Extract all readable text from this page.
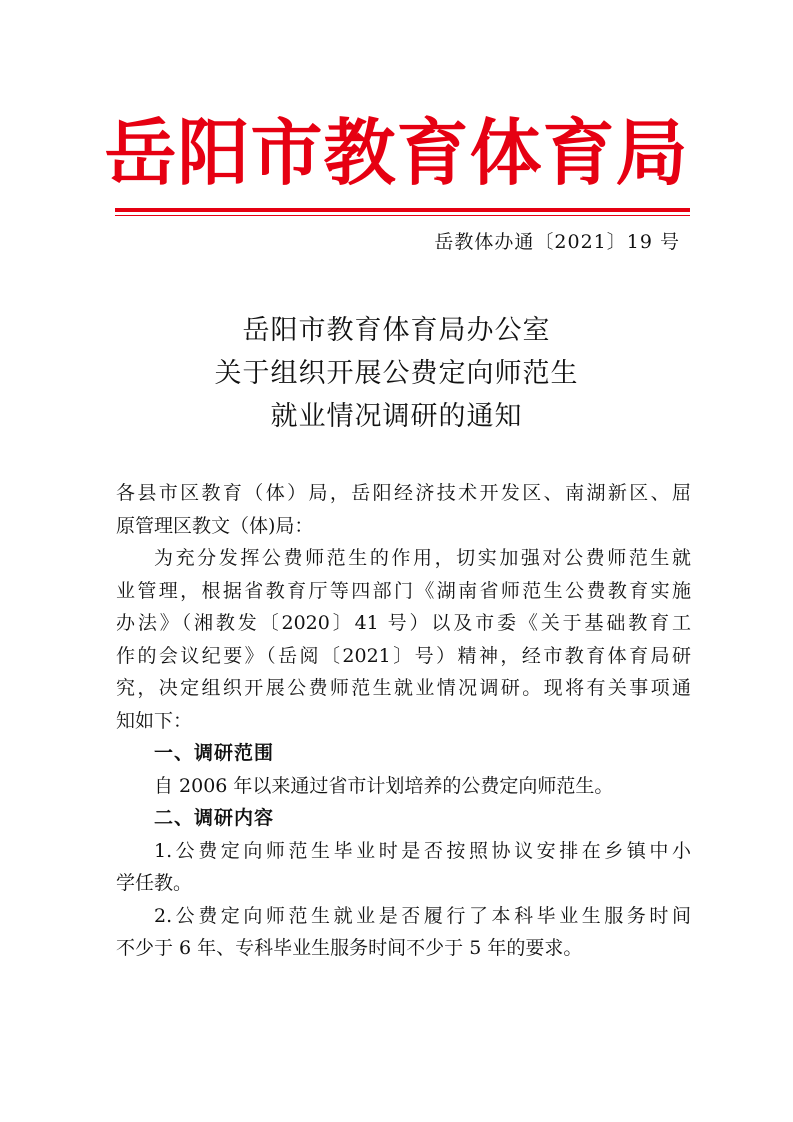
岳阳市教育体育局
岳教体办通〔2021〕19 号
岳阳市教育体育局办公室
关于组织开展公费定向师范生
就业情况调研的通知
各县市区教育（体）局，岳阳经济技术开发区、南湖新区、屈
原管理区教文（体)局：
为充分发挥公费师范生的作用，切实加强对公费师范生就
业管理，根据省教育厅等四部门《湖南省师范生公费教育实施
办法》（湘教发〔2020〕41 号）以及市委《关于基础教育工
作的会议纪要》（岳阅〔2021〕号）精神，经市教育体育局研
究，决定组织开展公费师范生就业情况调研。现将有关事项通
知如下：
一、调研范围
自 2006 年以来通过省市计划培养的公费定向师范生。
二、调研内容
1.公费定向师范生毕业时是否按照协议安排在乡镇中小
学任教。
2.公费定向师范生就业是否履行了本科毕业生服务时间
不少于 6 年、专科毕业生服务时间不少于 5 年的要求。
